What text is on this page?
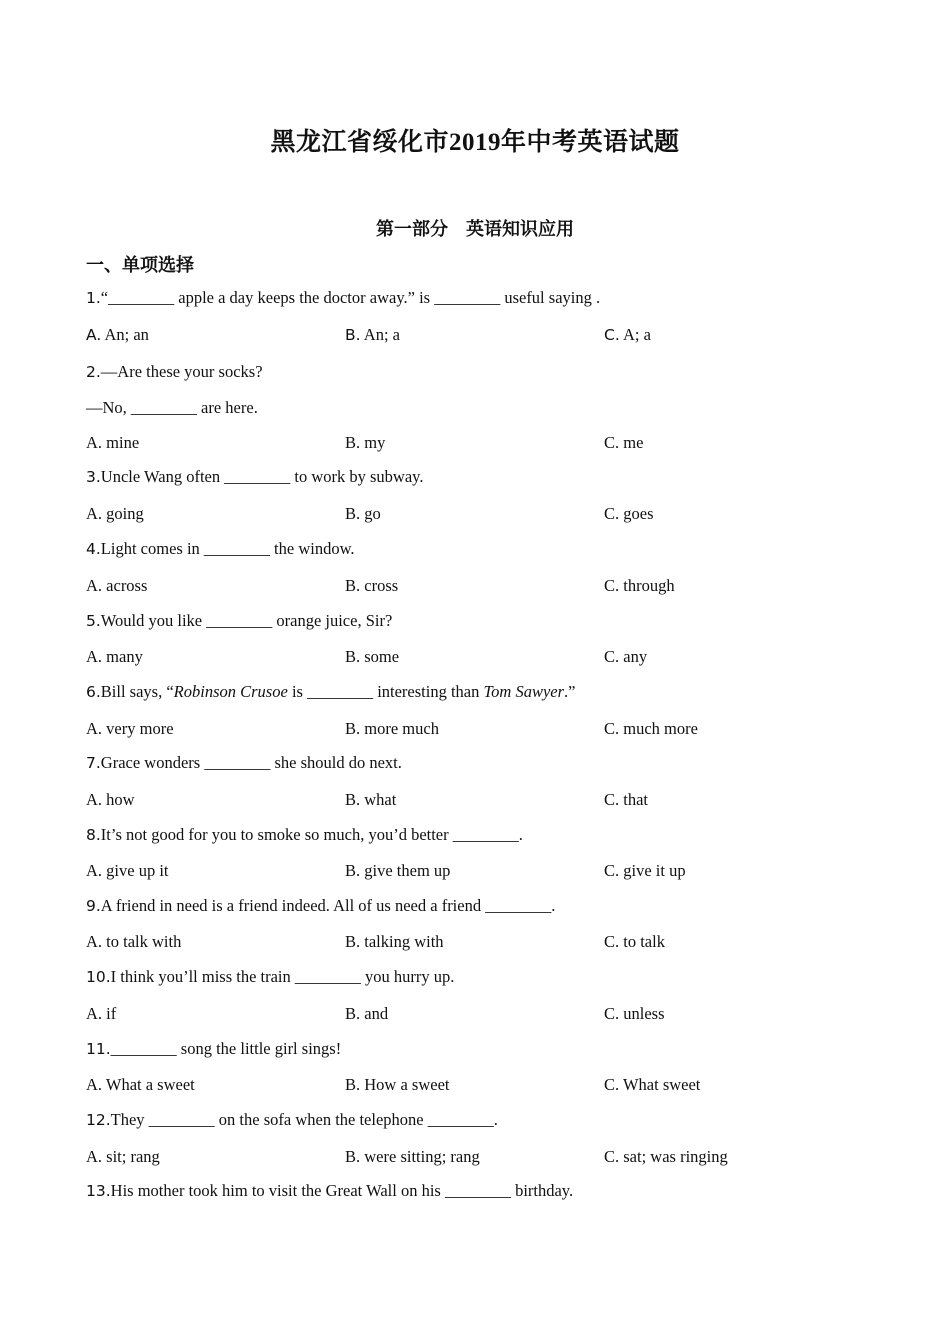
黑龙江省绥化市2019年中考英语试题
第一部分　英语知识应用
一、单项选择
1.“________ apple a day keeps the doctor away.” is ________ useful saying .
A. An; an	B. An; a	C. A; a
2.—Are these your socks?
—No, ________ are here.
A. mine	B. my	C. me
3.Uncle Wang often ________ to work by subway.
A. going	B. go	C. goes
4.Light comes in ________ the window.
A. across	B. cross	C. through
5.Would you like ________ orange juice, Sir?
A. many	B. some	C. any
6.Bill says, “Robinson Crusoe is ________ interesting than Tom Sawyer.”
A. very more	B. more much	C. much more
7.Grace wonders ________ she should do next.
A. how	B. what	C. that
8.It’s not good for you to smoke so much, you’d better ________.
A. give up it	B. give them up	C. give it up
9.A friend in need is a friend indeed. All of us need a friend ________.
A. to talk with	B. talking with	C. to talk
10.I think you’ll miss the train ________ you hurry up.
A. if	B. and	C. unless
11.________ song the little girl sings!
A. What a sweet	B. How a sweet	C. What sweet
12.They ________ on the sofa when the telephone ________.
A. sit; rang	B. were sitting; rang	C. sat; was ringing
13.His mother took him to visit the Great Wall on his ________ birthday.
